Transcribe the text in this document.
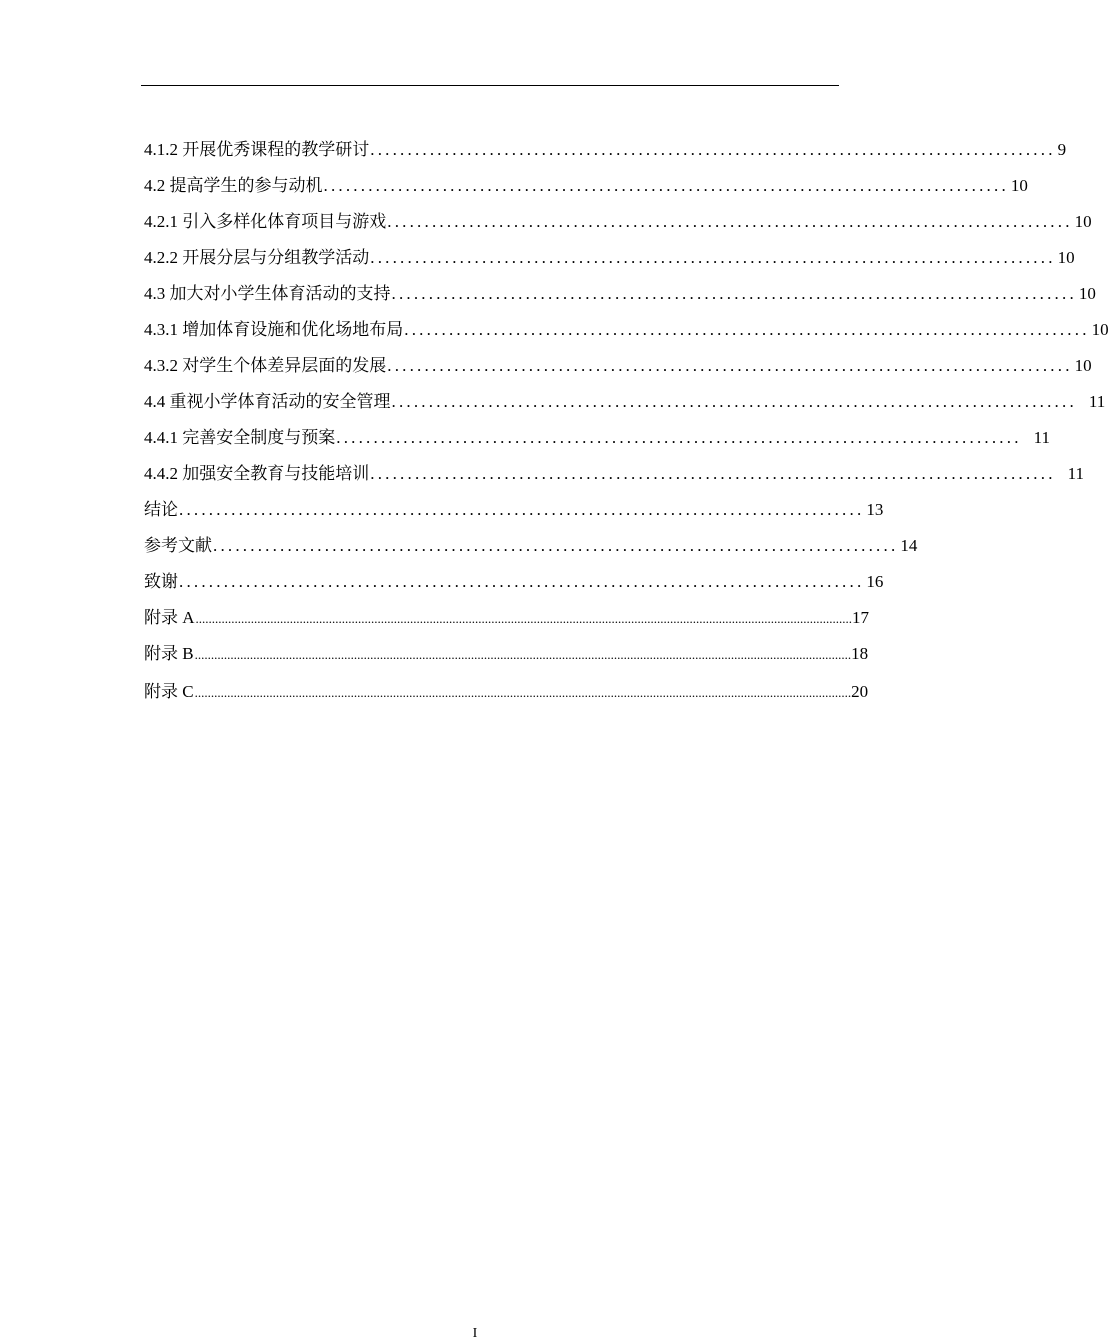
4.1.2 开展优秀课程的教学研讨 ............................................................................................ 9
4.2 提高学生的参与动机 ............................................................................................ 10
4.2.1 引入多样化体育项目与游戏 ............................................................................................ 10
4.2.2 开展分层与分组教学活动 ............................................................................................ 10
4.3 加大对小学生体育活动的支持 ............................................................................................ 10
4.3.1 增加体育设施和优化场地布局 ............................................................................................ 10
4.3.2 对学生个体差异层面的发展 ............................................................................................ 10
4.4 重视小学体育活动的安全管理 ............................................................................................ 11
4.4.1 完善安全制度与预案 ............................................................................................ 11
4.4.2 加强安全教育与技能培训 ............................................................................................ 11
结论 ............................................................................................ 13
参考文献 ............................................................................................ 14
致谢 ............................................................................................ 16
附录 A .......................................................................................................................................................................................................... 17
附录 B .......................................................................................................................................................................................................... 18
附录 C .......................................................................................................................................................................................................... 20
I
